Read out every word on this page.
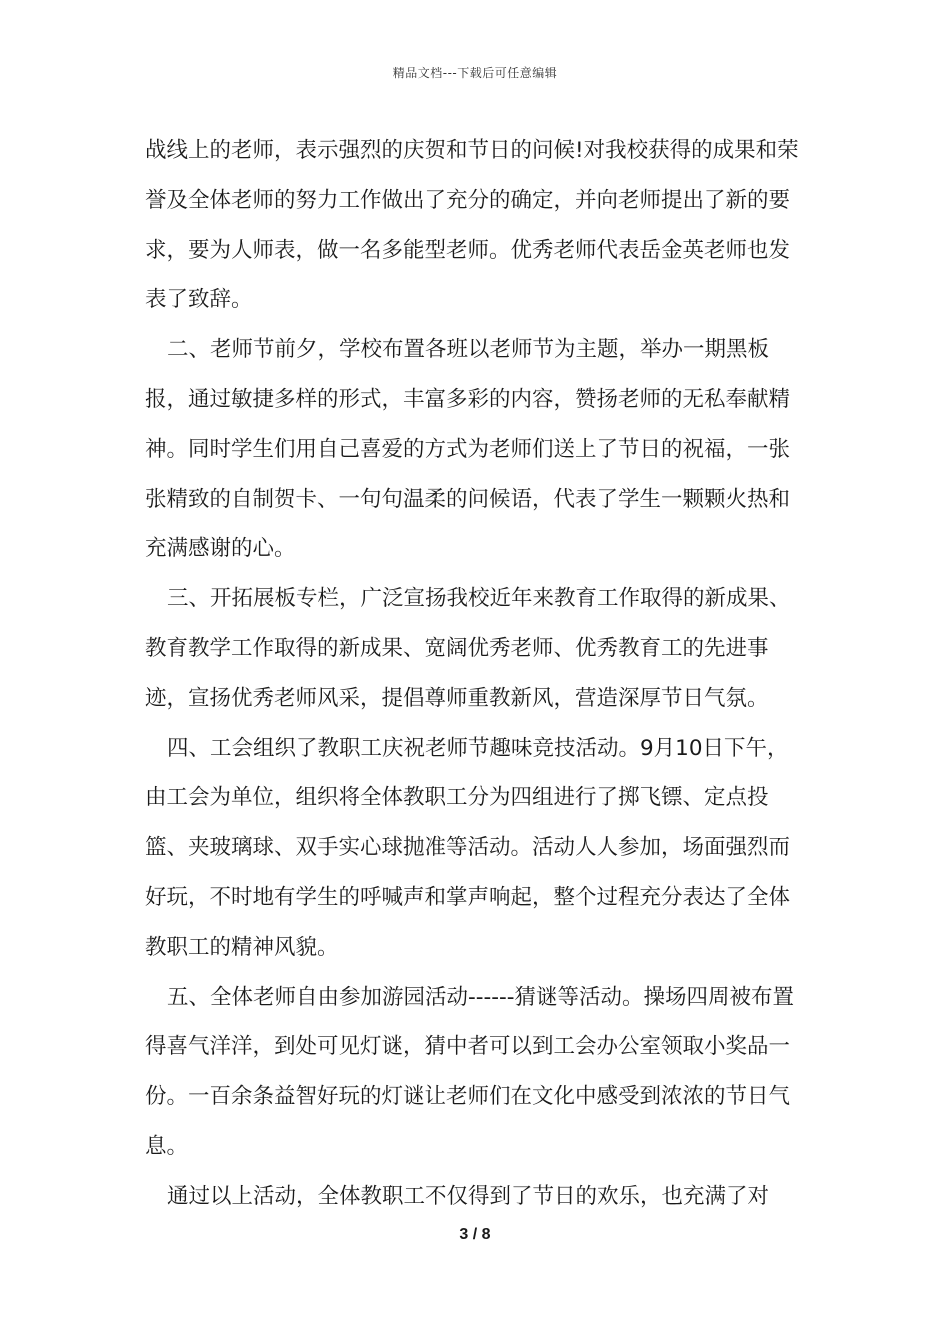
精品文档---下载后可任意编辑

战线上的老师，表示强烈的庆贺和节日的问候!对我校获得的成果和荣誉及全体老师的努力工作做出了充分的确定，并向老师提出了新的要求，要为人师表，做一名多能型老师。优秀老师代表岳金英老师也发表了致辞。

二、老师节前夕，学校布置各班以老师节为主题，举办一期黑板报，通过敏捷多样的形式，丰富多彩的内容，赞扬老师的无私奉献精神。同时学生们用自己喜爱的方式为老师们送上了节日的祝福，一张张精致的自制贺卡、一句句温柔的问候语，代表了学生一颗颗火热和充满感谢的心。

三、开拓展板专栏，广泛宣扬我校近年来教育工作取得的新成果、教育教学工作取得的新成果、宽阔优秀老师、优秀教育工的先进事迹，宣扬优秀老师风采，提倡尊师重教新风，营造深厚节日气氛。

四、工会组织了教职工庆祝老师节趣味竞技活动。9月10日下午，由工会为单位，组织将全体教职工分为四组进行了掷飞镖、定点投篮、夹玻璃球、双手实心球抛准等活动。活动人人参加，场面强烈而好玩，不时地有学生的呼喊声和掌声响起，整个过程充分表达了全体教职工的精神风貌。

五、全体老师自由参加游园活动------猜谜等活动。操场四周被布置得喜气洋洋，到处可见灯谜，猜中者可以到工会办公室领取小奖品一份。一百余条益智好玩的灯谜让老师们在文化中感受到浓浓的节日气息。

通过以上活动，全体教职工不仅得到了节日的欢乐，也充满了对

3 / 8
